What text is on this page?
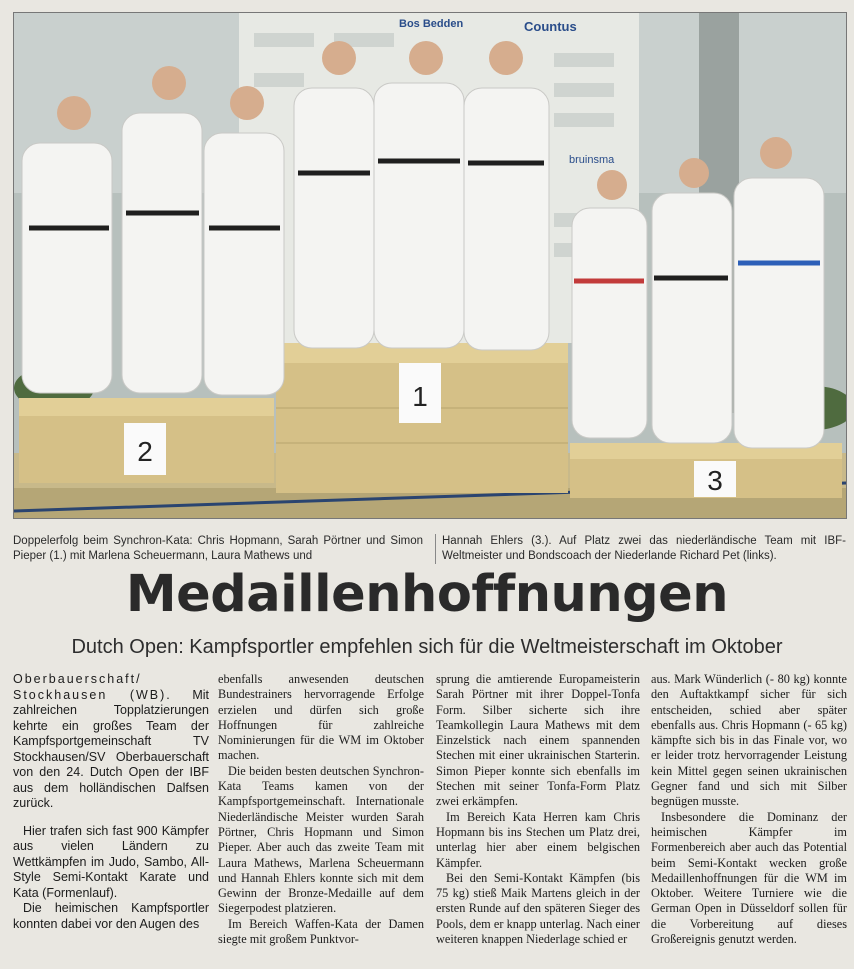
Bos Bedden	Countus
bruinsma
2
1
3
Doppelerfolg beim Synchron-Kata: Chris Hopmann, Sarah Pörtner und Simon Pieper (1.) mit Marlena Scheuermann, Laura Mathews und
Hannah Ehlers (3.). Auf Platz zwei das niederländische Team mit IBF-Weltmeister und Bondscoach der Niederlande Richard Pet (links).
Medaillenhoffnungen
Dutch Open: Kampfsportler empfehlen sich für die Weltmeisterschaft im Oktober

Oberbauerschaft/ Stockhausen (WB). Mit zahlreichen Topplatzierungen kehrte ein großes Team der Kampfsportgemeinschaft TV Stockhausen/SV Oberbauerschaft von den 24. Dutch Open der IBF aus dem holländischen Dalfsen zurück.

Hier trafen sich fast 900 Kämpfer aus vielen Ländern zu Wettkämpfen im Judo, Sambo, All-Style Semi-Kontakt Karate und Kata (Formenlauf).

Die heimischen Kampfsportler konnten dabei vor den Augen des

ebenfalls anwesenden deutschen Bundestrainers hervorragende Erfolge erzielen und dürfen sich große Hoffnungen für zahlreiche Nominierungen für die WM im Oktober machen.

Die beiden besten deutschen Synchron-Kata Teams kamen von der Kampfsportgemeinschaft. Internationale Niederländische Meister wurden Sarah Pörtner, Chris Hopmann und Simon Pieper. Aber auch das zweite Team mit Laura Mathews, Marlena Scheuermann und Hannah Ehlers konnte sich mit dem Gewinn der Bronze-Medaille auf dem Siegerpodest platzieren.

Im Bereich Waffen-Kata der Damen siegte mit großem Punktvor-

sprung die amtierende Europameisterin Sarah Pörtner mit ihrer Doppel-Tonfa Form. Silber sicherte sich ihre Teamkollegin Laura Mathews mit dem Einzelstick nach einem spannenden Stechen mit einer ukrainischen Starterin. Simon Pieper konnte sich ebenfalls im Stechen mit seiner Tonfa-Form Platz zwei erkämpfen.

Im Bereich Kata Herren kam Chris Hopmann bis ins Stechen um Platz drei, unterlag hier aber einem belgischen Kämpfer.

Bei den Semi-Kontakt Kämpfen (bis 75 kg) stieß Maik Martens gleich in der ersten Runde auf den späteren Sieger des Pools, dem er knapp unterlag. Nach einer weiteren knappen Niederlage schied er

aus. Mark Wünderlich (- 80 kg) konnte den Auftaktkampf sicher für sich entscheiden, schied aber später ebenfalls aus. Chris Hopmann (- 65 kg) kämpfte sich bis in das Finale vor, wo er leider trotz hervorragender Leistung kein Mittel gegen seinen ukrainischen Gegner fand und sich mit Silber begnügen musste.

Insbesondere die Dominanz der heimischen Kämpfer im Formenbereich aber auch das Potential beim Semi-Kontakt wecken große Medaillenhoffnungen für die WM im Oktober. Weitere Turniere wie die German Open in Düsseldorf sollen für die Vorbereitung auf dieses Großereignis genutzt werden.
